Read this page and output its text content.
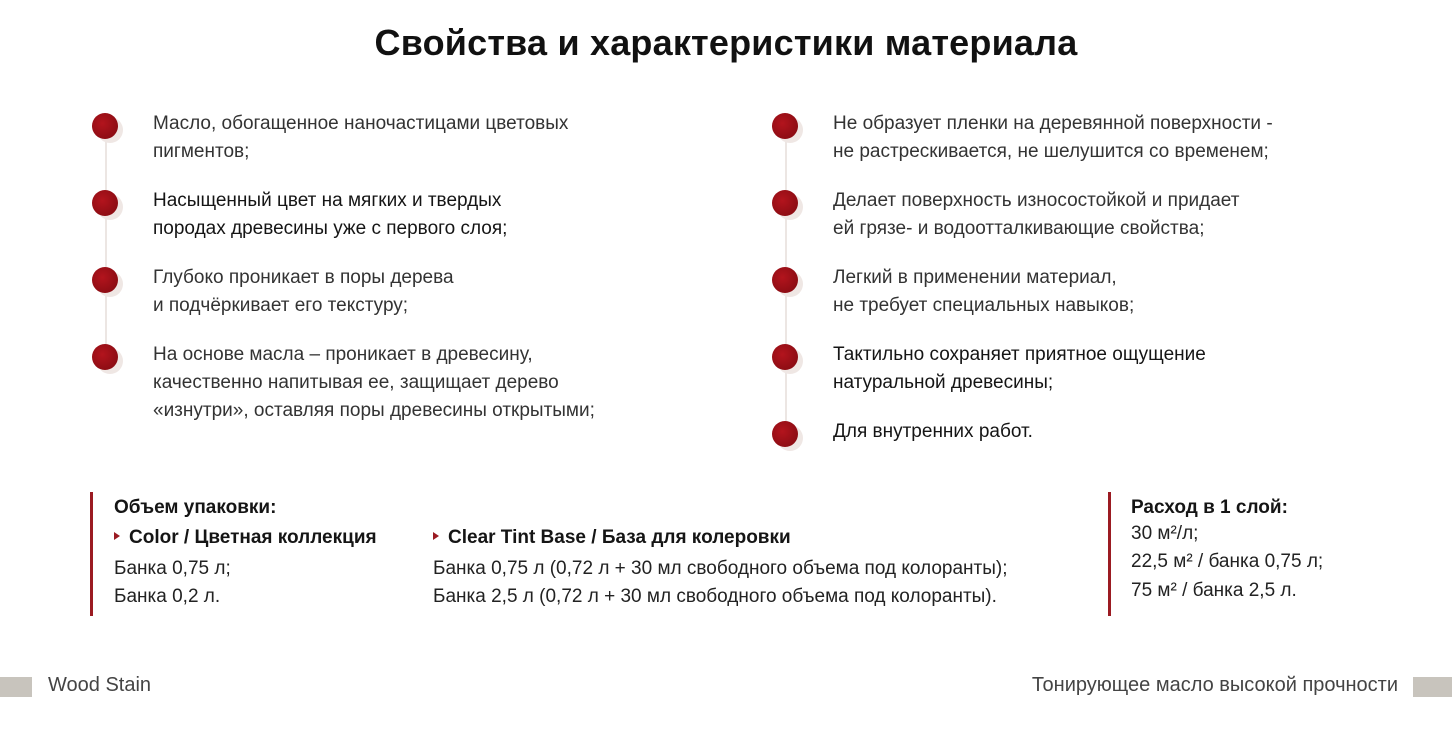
Свойства и характеристики материала
Масло, обогащенное наночастицами цветовых
пигментов;
Насыщенный цвет на мягких и твердых
породах древесины уже с первого слоя;
Глубоко проникает в поры дерева
и подчёркивает его текстуру;
На основе масла – проникает в древесину,
качественно напитывая ее, защищает дерево
«изнутри», оставляя поры древесины открытыми;
Не образует пленки на деревянной поверхности -
не растрескивается, не шелушится со временем;
Делает поверхность износостойкой и придает
ей грязе- и водоотталкивающие свойства;
Легкий в применении материал,
не требует специальных навыков;
Тактильно сохраняет приятное ощущение
натуральной древесины;
Для внутренних работ.
Объем упаковки:
Color / Цветная коллекция
Банка 0,75 л;
Банка 0,2 л.
Clear Tint Base / База для колеровки
Банка 0,75 л (0,72 л + 30 мл свободного объема под колоранты);
Банка 2,5 л (0,72 л + 30 мл свободного объема под колоранты).
Расход в 1 слой:
30 м²/л;
22,5 м² / банка 0,75 л;
75 м² / банка 2,5 л.
Wood Stain	Тонирующее масло высокой прочности
